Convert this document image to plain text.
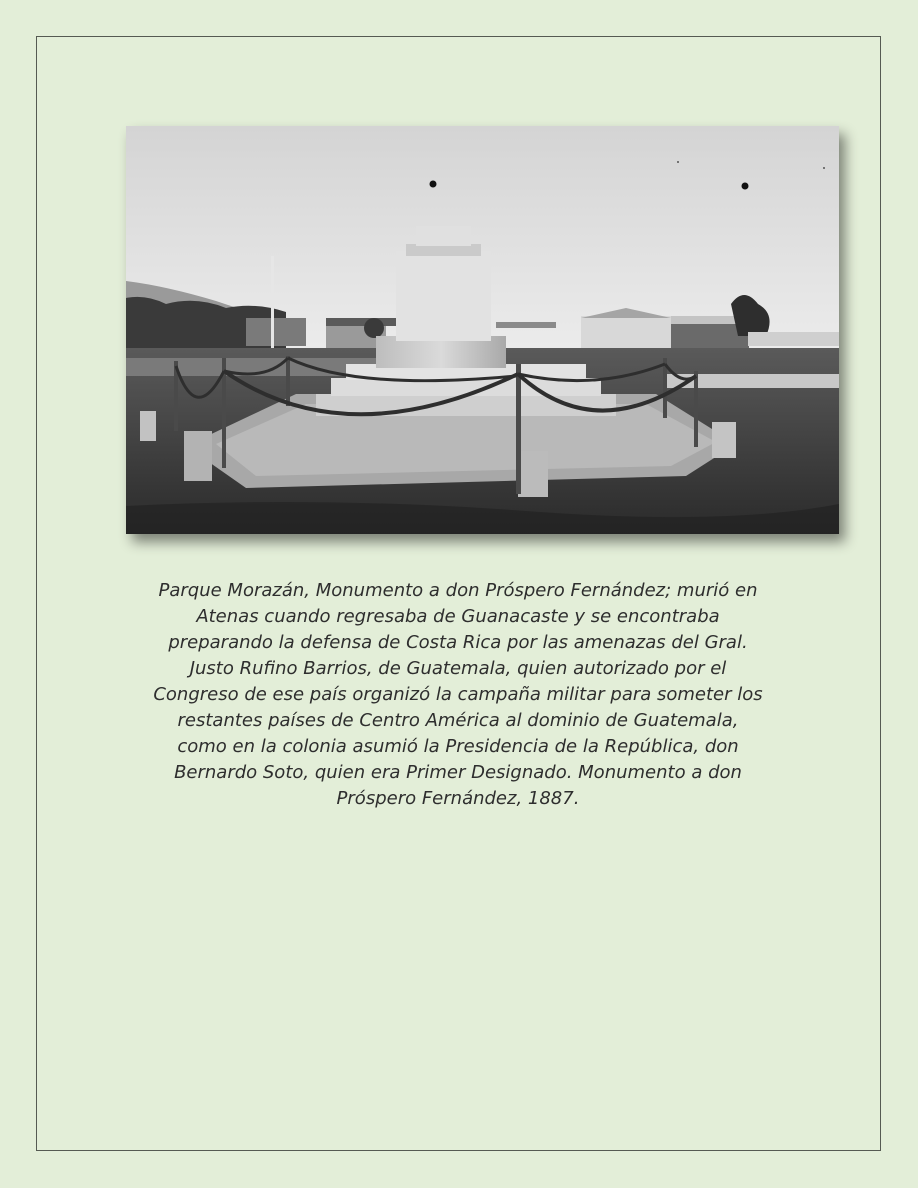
Parque Morazán, Monumento a don Próspero Fernández; murió en
Atenas cuando regresaba de Guanacaste y se encontraba
preparando la defensa de Costa Rica por las amenazas del Gral.
Justo Rufino Barrios, de Guatemala, quien autorizado por el
Congreso de ese país organizó la campaña militar para someter los
restantes países de Centro América al dominio de Guatemala,
como en la colonia asumió la Presidencia de la República, don
Bernardo Soto, quien era Primer Designado. Monumento a don
Próspero Fernández, 1887.
